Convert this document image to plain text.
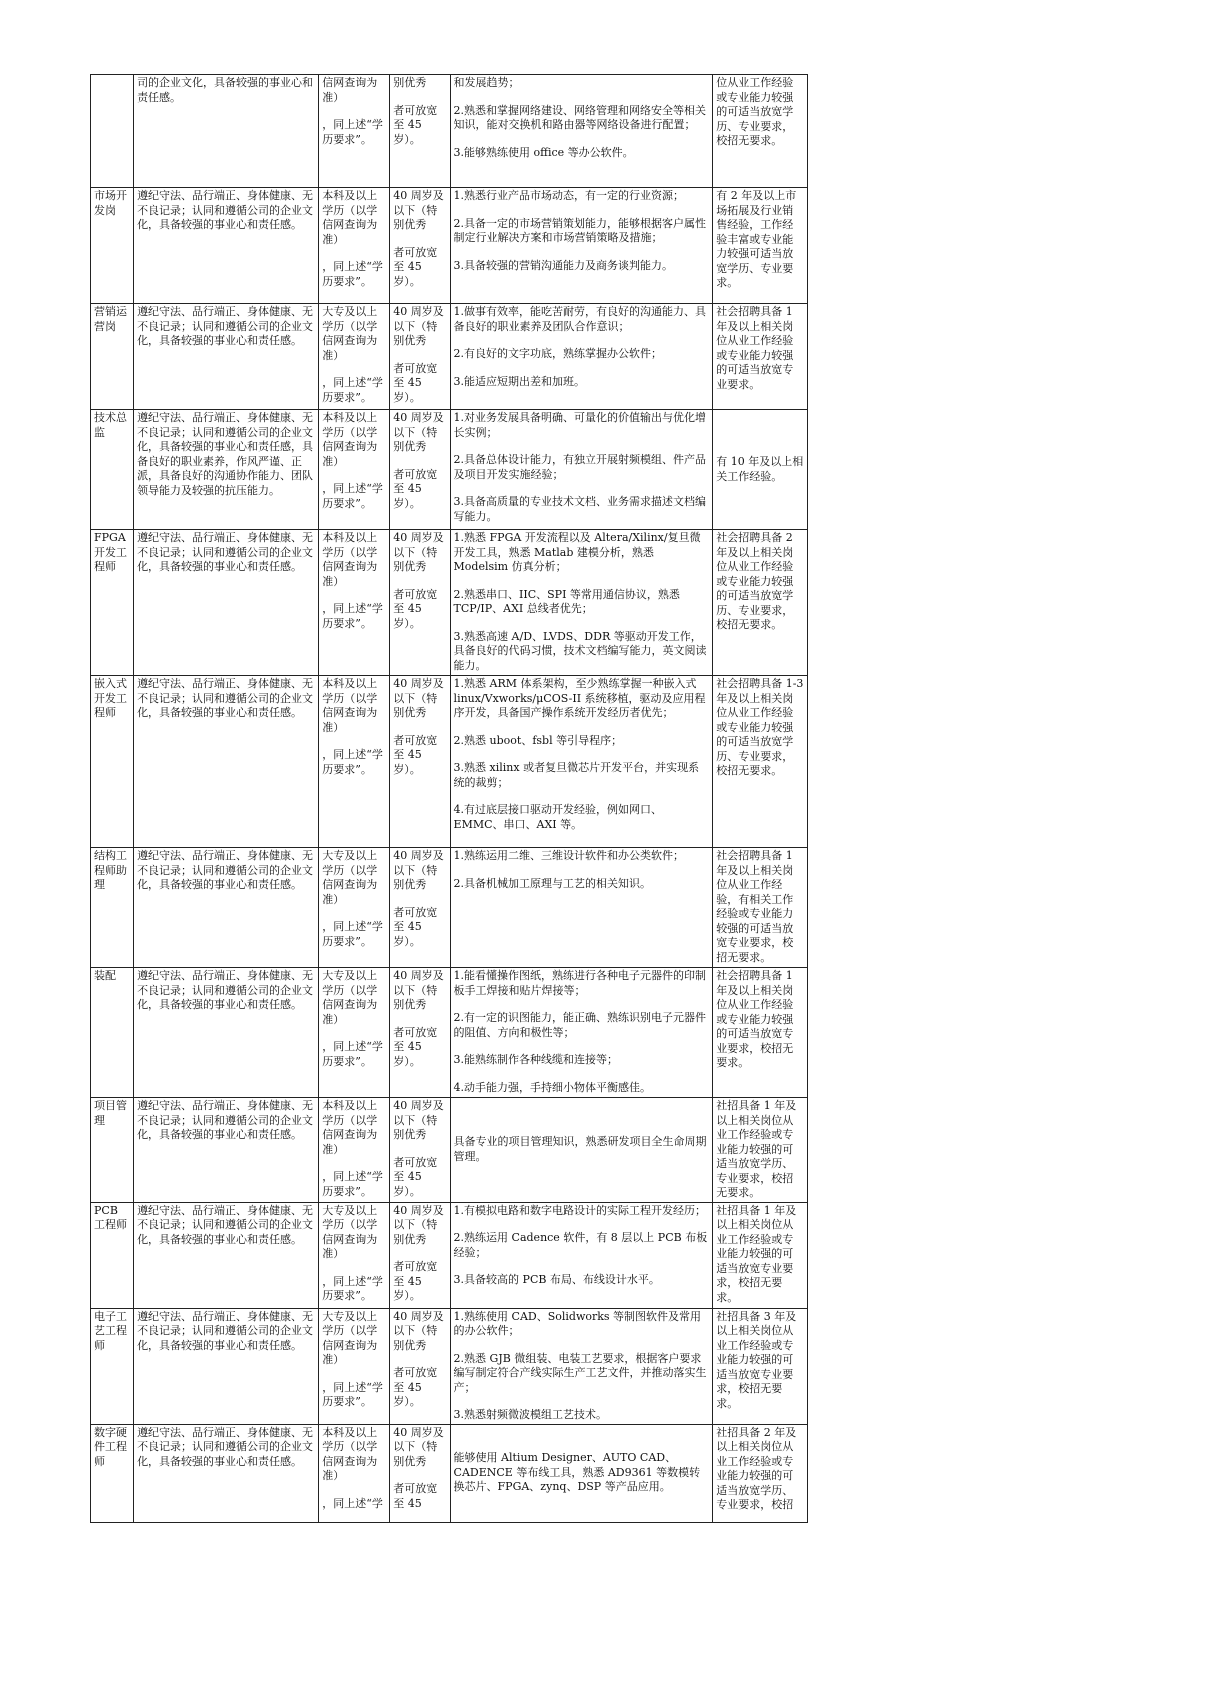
	司的企业文化，具备较强的事业心和责任感。	信网查询为准）
，同上述“学历要求”。	别优秀
者可放宽至 45 岁）。	和发展趋势；
2.熟悉和掌握网络建设、网络管理和网络安全等相关知识，能对交换机和路由器等网络设备进行配置；
3.能够熟练使用 office 等办公软件。	位从业工作经验或专业能力较强的可适当放宽学历、专业要求，校招无要求。

市场开发岗	遵纪守法、品行端正、身体健康、无不良记录；认同和遵循公司的企业文化，具备较强的事业心和责任感。	本科及以上学历（以学信网查询为准）
，同上述“学历要求”。	40 周岁及以下（特别优秀
者可放宽至 45 岁）。	1.熟悉行业产品市场动态，有一定的行业资源；
2.具备一定的市场营销策划能力，能够根据客户属性制定行业解决方案和市场营销策略及措施；
3.具备较强的营销沟通能力及商务谈判能力。	有 2 年及以上市场拓展及行业销售经验，工作经验丰富或专业能力较强可适当放宽学历、专业要求。

营销运营岗	遵纪守法、品行端正、身体健康、无不良记录；认同和遵循公司的企业文化，具备较强的事业心和责任感。	大专及以上学历（以学信网查询为准）
，同上述“学历要求”。	40 周岁及以下（特别优秀
者可放宽至 45 岁）。	1.做事有效率，能吃苦耐劳，有良好的沟通能力、具备良好的职业素养及团队合作意识；
2.有良好的文字功底，熟练掌握办公软件；
3.能适应短期出差和加班。	社会招聘具备 1 年及以上相关岗位从业工作经验或专业能力较强的可适当放宽专业要求。

技术总监	遵纪守法、品行端正、身体健康、无不良记录；认同和遵循公司的企业文化，具备较强的事业心和责任感，具备良好的职业素养，作风严谨、正派，具备良好的沟通协作能力、团队领导能力及较强的抗压能力。	本科及以上学历（以学信网查询为准）
，同上述“学历要求”。	40 周岁及以下（特别优秀
者可放宽至 45 岁）。	1.对业务发展具备明确、可量化的价值输出与优化增长实例；
2.具备总体设计能力，有独立开展射频模组、件产品及项目开发实施经验；
3.具备高质量的专业技术文档、业务需求描述文档编写能力。	有 10 年及以上相关工作经验。

FPGA 开发工程师	遵纪守法、品行端正、身体健康、无不良记录；认同和遵循公司的企业文化，具备较强的事业心和责任感。	本科及以上学历（以学信网查询为准）
，同上述“学历要求”。	40 周岁及以下（特别优秀
者可放宽至 45 岁）。	1.熟悉 FPGA 开发流程以及 Altera/Xilinx/复旦微开发工具，熟悉 Matlab 建模分析，熟悉 Modelsim 仿真分析；
2.熟悉串口、IIC、SPI 等常用通信协议，熟悉 TCP/IP、AXI 总线者优先；
3.熟悉高速 A/D、LVDS、DDR 等驱动开发工作，具备良好的代码习惯，技术文档编写能力，英文阅读能力。	社会招聘具备 2 年及以上相关岗位从业工作经验或专业能力较强的可适当放宽学历、专业要求，校招无要求。

嵌入式开发工程师	遵纪守法、品行端正、身体健康、无不良记录；认同和遵循公司的企业文化，具备较强的事业心和责任感。	本科及以上学历（以学信网查询为准）
，同上述“学历要求”。	40 周岁及以下（特别优秀
者可放宽至 45 岁）。	1.熟悉 ARM 体系架构，至少熟练掌握一种嵌入式 linux/Vxworks/μCOS-II 系统移植，驱动及应用程序开发，具备国产操作系统开发经历者优先；
2.熟悉 uboot、fsbl 等引导程序；
3.熟悉 xilinx 或者复旦微芯片开发平台，并实现系统的裁剪；
4.有过底层接口驱动开发经验，例如网口、EMMC、串口、AXI 等。	社会招聘具备 1-3 年及以上相关岗位从业工作经验或专业能力较强的可适当放宽学历、专业要求，校招无要求。

结构工程师助理	遵纪守法、品行端正、身体健康、无不良记录；认同和遵循公司的企业文化，具备较强的事业心和责任感。	大专及以上学历（以学信网查询为准）
，同上述“学历要求”。	40 周岁及以下（特别优秀
者可放宽至 45 岁）。	1.熟练运用二维、三维设计软件和办公类软件；
2.具备机械加工原理与工艺的相关知识。	社会招聘具备 1 年及以上相关岗位从业工作经验，有相关工作经验或专业能力较强的可适当放宽专业要求，校招无要求。

装配	遵纪守法、品行端正、身体健康、无不良记录；认同和遵循公司的企业文化，具备较强的事业心和责任感。	大专及以上学历（以学信网查询为准）
，同上述“学历要求”。	40 周岁及以下（特别优秀
者可放宽至 45 岁）。	1.能看懂操作图纸，熟练进行各种电子元器件的印制板手工焊接和贴片焊接等；
2.有一定的识图能力，能正确、熟练识别电子元器件的阻值、方向和极性等；
3.能熟练制作各种线缆和连接等；
4.动手能力强，手持细小物体平衡感佳。	社会招聘具备 1 年及以上相关岗位从业工作经验或专业能力较强的可适当放宽专业要求，校招无要求。

项目管理	遵纪守法、品行端正、身体健康、无不良记录；认同和遵循公司的企业文化，具备较强的事业心和责任感。	本科及以上学历（以学信网查询为准）
，同上述“学历要求”。	40 周岁及以下（特别优秀
者可放宽至 45 岁）。	具备专业的项目管理知识，熟悉研发项目全生命周期管理。	社招具备 1 年及以上相关岗位从业工作经验或专业能力较强的可适当放宽学历、专业要求，校招无要求。

PCB 工程师	遵纪守法、品行端正、身体健康、无不良记录；认同和遵循公司的企业文化，具备较强的事业心和责任感。	大专及以上学历（以学信网查询为准）
，同上述“学历要求”。	40 周岁及以下（特别优秀
者可放宽至 45 岁）。	1.有模拟电路和数字电路设计的实际工程开发经历；
2.熟练运用 Cadence 软件，有 8 层以上 PCB 布板经验；
3.具备较高的 PCB 布局、布线设计水平。	社招具备 1 年及以上相关岗位从业工作经验或专业能力较强的可适当放宽专业要求，校招无要求。

电子工艺工程师	遵纪守法、品行端正、身体健康、无不良记录；认同和遵循公司的企业文化，具备较强的事业心和责任感。	大专及以上学历（以学信网查询为准）
，同上述“学历要求”。	40 周岁及以下（特别优秀
者可放宽至 45 岁）。	1.熟练使用 CAD、Solidworks 等制图软件及常用的办公软件；
2.熟悉 GJB 微组装、电装工艺要求，根据客户要求编写制定符合产线实际生产工艺文件，并推动落实生产；
3.熟悉射频微波模组工艺技术。	社招具备 3 年及以上相关岗位从业工作经验或专业能力较强的可适当放宽专业要求，校招无要求。

数字硬件工程师	遵纪守法、品行端正、身体健康、无不良记录；认同和遵循公司的企业文化，具备较强的事业心和责任感。	本科及以上学历（以学信网查询为准）
，同上述“学	40 周岁及以下（特别优秀
者可放宽至 45	能够使用 Altium Designer、AUTO CAD、CADENCE 等布线工具，熟悉 AD9361 等数模转换芯片、FPGA、zynq、DSP 等产品应用。	社招具备 2 年及以上相关岗位从业工作经验或专业能力较强的可适当放宽学历、专业要求，校招
